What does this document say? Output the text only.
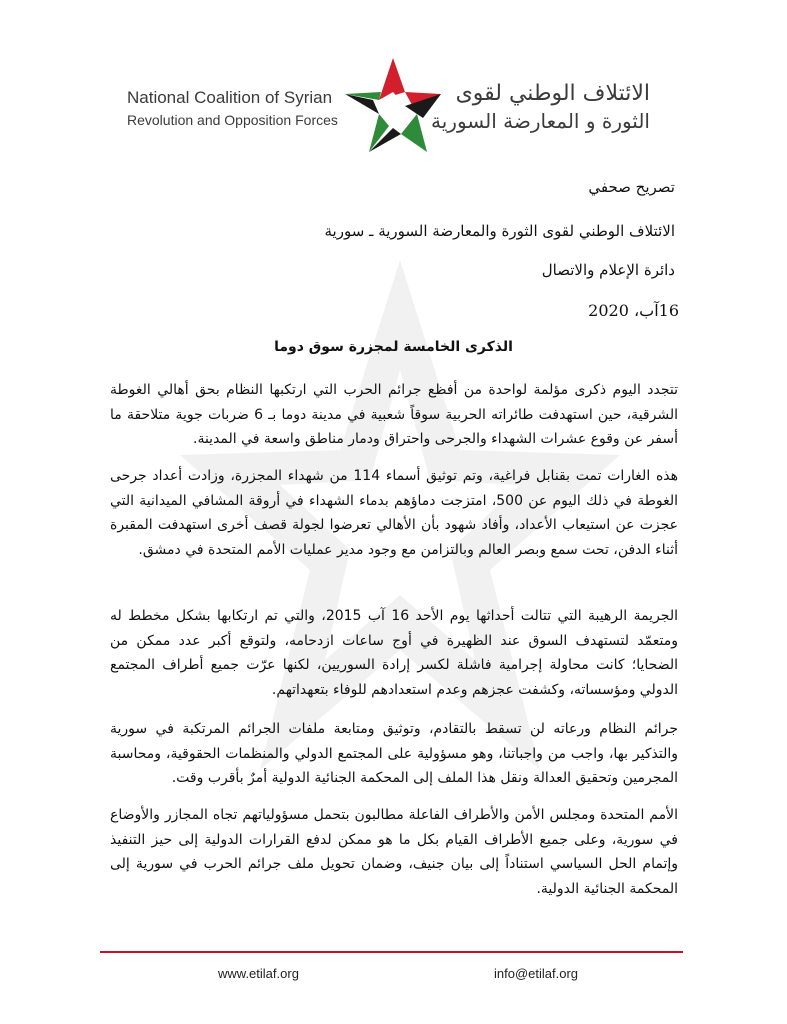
National Coalition of Syrian
Revolution and Opposition Forces
الائتلاف الوطني لقوى
الثورة و المعارضة السورية
تصريح صحفي
الائتلاف الوطني لقوى الثورة والمعارضة السورية ـ سورية
دائرة الإعلام والاتصال
16آب، 2020
الذكرى الخامسة لمجزرة سوق دوما

تتجدد اليوم ذكرى مؤلمة لواحدة من أفظع جرائم الحرب التي ارتكبها النظام بحق أهالي الغوطة الشرقية، حين استهدفت طائراته الحربية سوقاً شعبية في مدينة دوما بـ 6 ضربات جوية متلاحقة ما أسفر عن وقوع عشرات الشهداء والجرحى واحتراق ودمار مناطق واسعة في المدينة.

هذه الغارات تمت بقنابل فراغية، وتم توثيق أسماء 114 من شهداء المجزرة، وزادت أعداد جرحى الغوطة في ذلك اليوم عن 500، امتزجت دماؤهم بدماء الشهداء في أروقة المشافي الميدانية التي عجزت عن استيعاب الأعداد، وأفاد شهود بأن الأهالي تعرضوا لجولة قصف أخرى استهدفت المقبرة أثناء الدفن، تحت سمع وبصر العالم وبالتزامن مع وجود مدير عمليات الأمم المتحدة في دمشق.

الجريمة الرهيبة التي تتالت أحداثها يوم الأحد 16 آب 2015، والتي تم ارتكابها بشكل مخطط له ومتعمّد لتستهدف السوق عند الظهيرة في أوج ساعات ازدحامه، ولتوقع أكبر عدد ممكن من الضحايا؛ كانت محاولة إجرامية فاشلة لكسر إرادة السوريين، لكنها عرّت جميع أطراف المجتمع الدولي ومؤسساته، وكشفت عجزهم وعدم استعدادهم للوفاء بتعهداتهم.

جرائم النظام ورعاته لن تسقط بالتقادم، وتوثيق ومتابعة ملفات الجرائم المرتكبة في سورية والتذكير بها، واجب من واجباتنا، وهو مسؤولية على المجتمع الدولي والمنظمات الحقوقية، ومحاسبة المجرمين وتحقيق العدالة ونقل هذا الملف إلى المحكمة الجنائية الدولية أمرٌ بأقرب وقت.

الأمم المتحدة ومجلس الأمن والأطراف الفاعلة مطالبون بتحمل مسؤولياتهم تجاه المجازر والأوضاع في سورية، وعلى جميع الأطراف القيام بكل ما هو ممكن لدفع القرارات الدولية إلى حيز التنفيذ وإتمام الحل السياسي استناداً إلى بيان جنيف، وضمان تحويل ملف جرائم الحرب في سورية إلى المحكمة الجنائية الدولية.

www.etilaf.org	info@etilaf.org
